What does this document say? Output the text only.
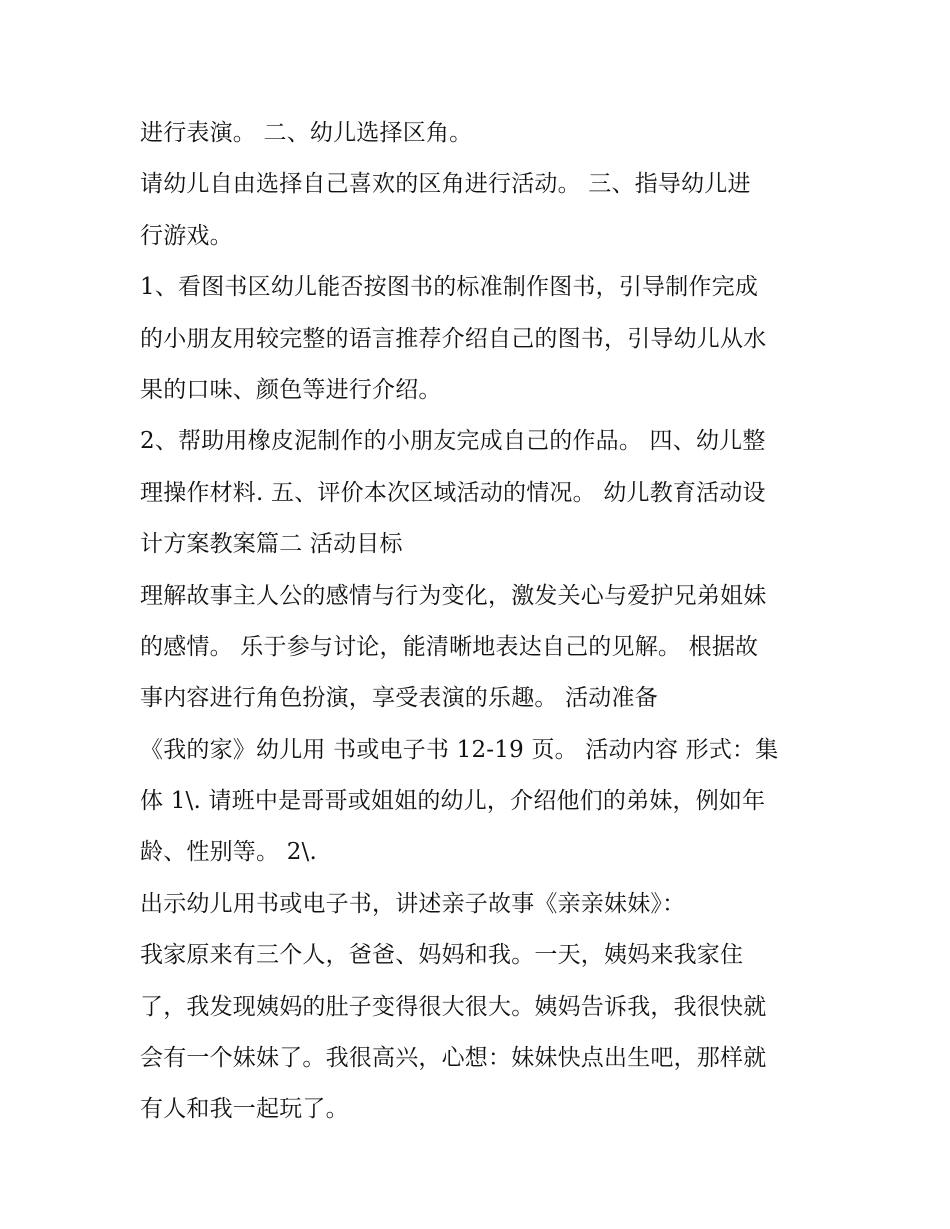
进行表演。 二、幼儿选择区角。
请幼儿自由选择自己喜欢的区角进行活动。 三、指导幼儿进
行游戏。
1、看图书区幼儿能否按图书的标准制作图书，引导制作完成
的小朋友用较完整的语言推荐介绍自己的图书，引导幼儿从水
果的口味、颜色等进行介绍。
2、帮助用橡皮泥制作的小朋友完成自己的作品。 四、幼儿整
理操作材料. 五、评价本次区域活动的情况。 幼儿教育活动设
计方案教案篇二 活动目标
理解故事主人公的感情与行为变化，激发关心与爱护兄弟姐妹
的感情。 乐于参与讨论，能清晰地表达自己的见解。 根据故
事内容进行角色扮演，享受表演的乐趣。 活动准备
《我的家》幼儿用 书或电子书 12-19 页。 活动内容 形式：集
体 1\. 请班中是哥哥或姐姐的幼儿，介绍他们的弟妹，例如年
龄、性别等。 2\.
出示幼儿用书或电子书，讲述亲子故事《亲亲妹妹》：
我家原来有三个人，爸爸、妈妈和我。一天，姨妈来我家住
了，我发现姨妈的肚子变得很大很大。姨妈告诉我，我很快就
会有一个妹妹了。我很高兴，心想：妹妹快点出生吧，那样就
有人和我一起玩了。
